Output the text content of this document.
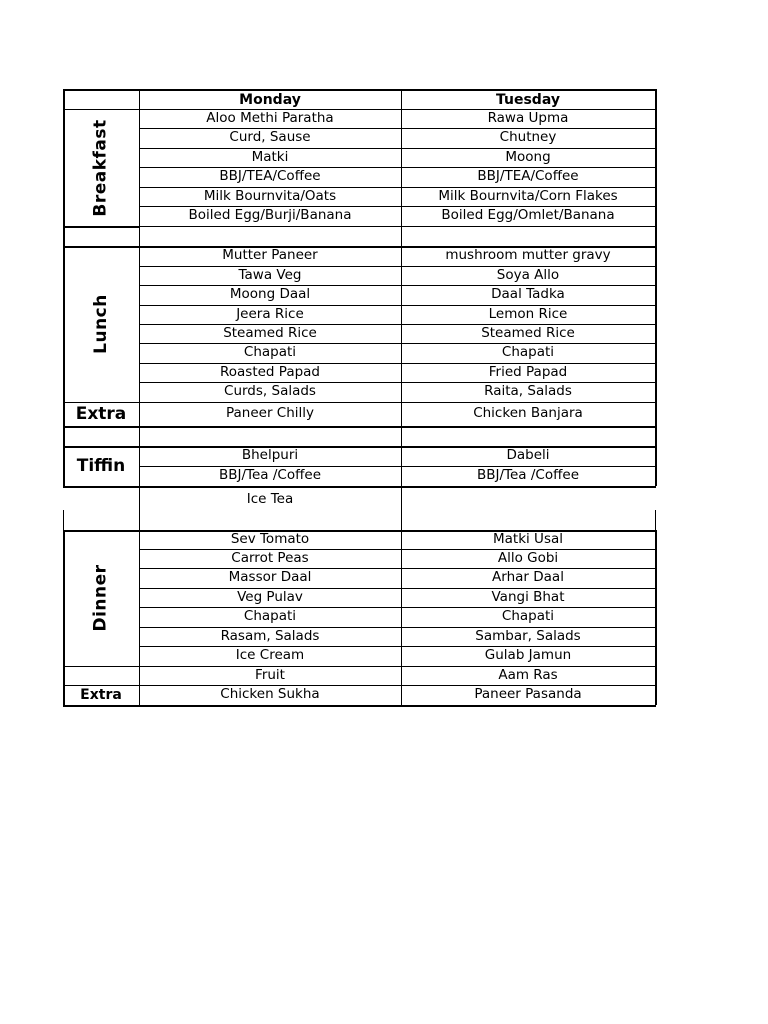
Monday	Tuesday
Aloo Methi Paratha	Rawa Upma
Curd, Sause	Chutney
Matki	Moong
BBJ/TEA/Coffee	BBJ/TEA/Coffee
Milk Bournvita/Oats	Milk Bournvita/Corn Flakes
Boiled Egg/Burji/Banana	Boiled Egg/Omlet/Banana
Breakfast
Mutter Paneer	mushroom mutter gravy
Tawa Veg	Soya Allo
Moong Daal	Daal Tadka
Jeera Rice	Lemon Rice
Steamed Rice	Steamed Rice
Chapati	Chapati
Roasted Papad	Fried Papad
Curds, Salads	Raita, Salads
Lunch
Extra	Paneer Chilly	Chicken Banjara
Bhelpuri	Dabeli
BBJ/Tea /Coffee	BBJ/Tea /Coffee
Tiffin
Ice Tea
Sev Tomato	Matki Usal
Carrot Peas	Allo Gobi
Massor Daal	Arhar Daal
Veg Pulav	Vangi Bhat
Chapati	Chapati
Rasam, Salads	Sambar, Salads
Ice Cream	Gulab Jamun
Fruit	Aam Ras
Dinner
Extra	Chicken Sukha	Paneer Pasanda
